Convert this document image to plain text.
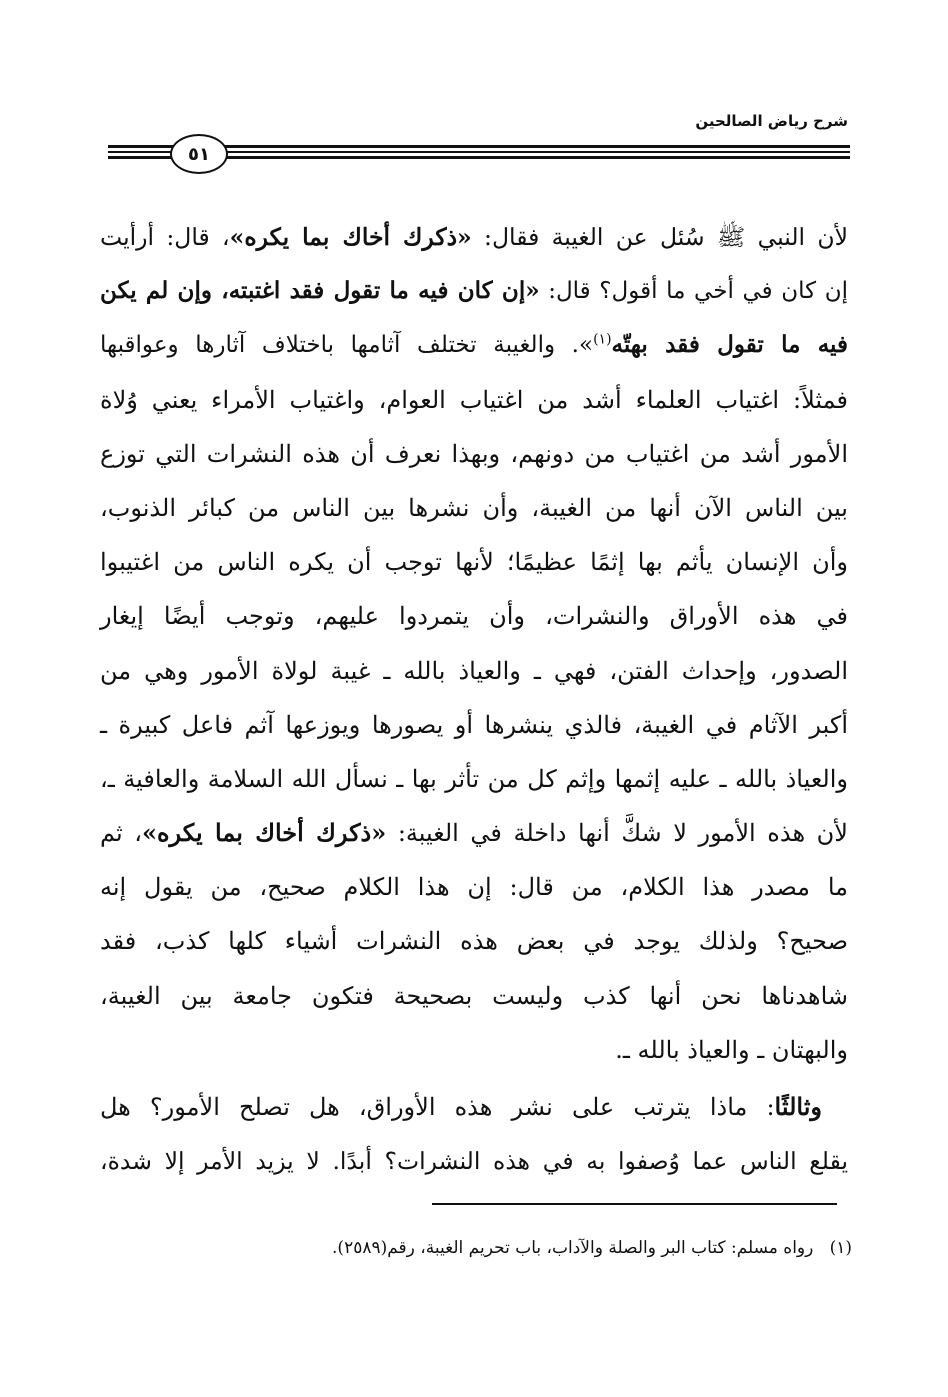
شرح رياض الصالحين
٥١
لأن النبي ﷺ سُئل عن الغيبة فقال: «ذكرك أخاك بما يكره»، قال: أرأيت
إن كان في أخي ما أقول؟ قال: «إن كان فيه ما تقول فقد اغتبته، وإن لم يكن
فيه ما تقول فقد بهتّه$^{(١)}$». والغيبة تختلف آثامها باختلاف آثارها وعواقبها
فمثلاً: اغتياب العلماء أشد من اغتياب العوام، واغتياب الأمراء يعني وُلاة
الأمور أشد من اغتياب من دونهم، وبهذا نعرف أن هذه النشرات التي توزع
بين الناس الآن أنها من الغيبة، وأن نشرها بين الناس من كبائر الذنوب،
وأن الإنسان يأثم بها إثمًا عظيمًا؛ لأنها توجب أن يكره الناس من اغتيبوا
في هذه الأوراق والنشرات، وأن يتمردوا عليهم، وتوجب أيضًا إيغار
الصدور، وإحداث الفتن، فهي ـ والعياذ بالله ـ غيبة لولاة الأمور وهي من
أكبر الآثام في الغيبة، فالذي ينشرها أو يصورها ويوزعها آثم فاعل كبيرة ـ
والعياذ بالله ـ عليه إثمها وإثم كل من تأثر بها ـ نسأل الله السلامة والعافية ـ،
لأن هذه الأمور لا شكَّ أنها داخلة في الغيبة: «ذكرك أخاك بما يكره»، ثم
ما مصدر هذا الكلام، من قال: إن هذا الكلام صحيح، من يقول إنه
صحيح؟ ولذلك يوجد في بعض هذه النشرات أشياء كلها كذب، فقد
شاهدناها نحن أنها كذب وليست بصحيحة فتكون جامعة بين الغيبة،
والبهتان ـ والعياذ بالله ـ.
وثالثًا: ماذا يترتب على نشر هذه الأوراق، هل تصلح الأمور؟ هل
يقلع الناس عما وُصفوا به في هذه النشرات؟ أبدًا. لا يزيد الأمر إلا شدة،
(١)   رواه مسلم: كتاب البر والصلة والآداب، باب تحريم الغيبة، رقم(٢٥٨٩).
